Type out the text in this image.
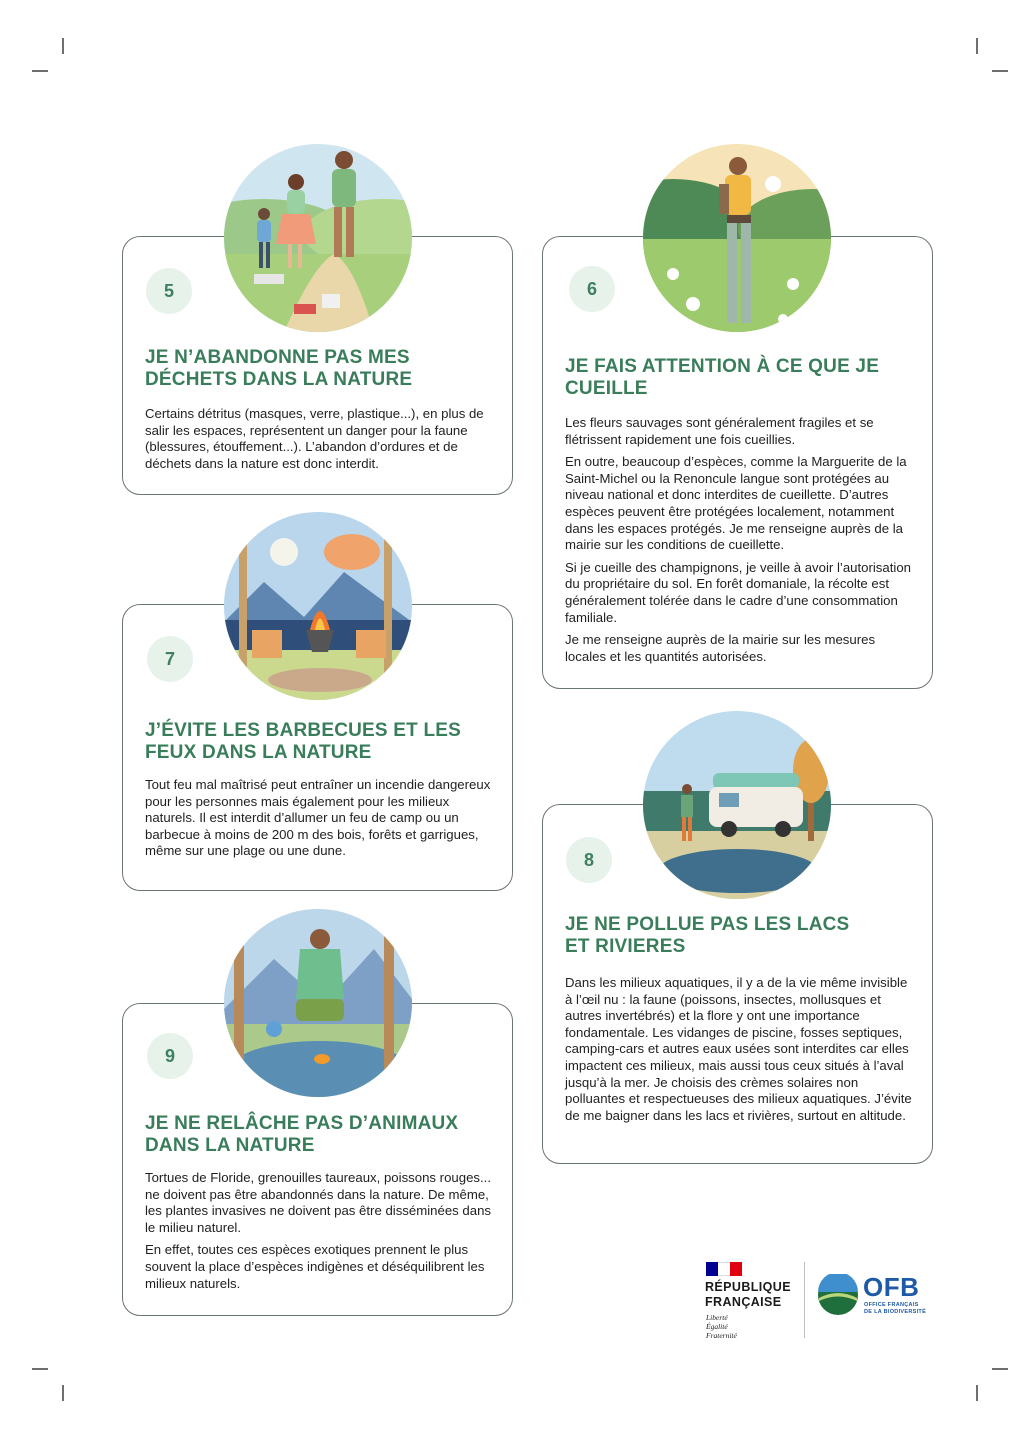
5
JE N’ABANDONNE PAS MES DÉCHETS DANS LA NATURE

Certains détritus (masques, verre, plastique...), en plus de salir les espaces, représentent un danger pour la faune (blessures, étouffement...). L’abandon d’ordures et de déchets dans la nature est donc interdit.

6
JE FAIS ATTENTION À CE QUE JE CUEILLE

Les fleurs sauvages sont généralement fragiles et se flétrissent rapidement une fois cueillies.

En outre, beaucoup d’espèces, comme la Marguerite de la Saint-Michel ou la Renoncule langue sont protégées au niveau national et donc interdites de cueillette. D’autres espèces peuvent être protégées localement, notamment dans les espaces protégés. Je me renseigne auprès de la mairie sur les conditions de cueillette.

Si je cueille des champignons, je veille à avoir l’autorisation du propriétaire du sol. En forêt domaniale, la récolte est généralement tolérée dans le cadre d’une consommation familiale.

Je me renseigne auprès de la mairie sur les mesures locales et les quantités autorisées.

7
J’ÉVITE LES BARBECUES ET LES FEUX DANS LA NATURE

Tout feu mal maîtrisé peut entraîner un incendie dangereux pour les personnes mais également pour les milieux naturels. Il est interdit d’allumer un feu de camp ou un barbecue à moins de 200 m des bois, forêts et garrigues, même sur une plage ou une dune.	8
JE NE POLLUE PAS LES LACS ET RIVIERES

Dans les milieux aquatiques, il y a de la vie même invisible à l’œil nu : la faune (poissons, insectes, mollusques et autres invertébrés) et la flore y ont une importance fondamentale. Les vidanges de piscine, fosses septiques, camping-cars et autres eaux usées sont interdites car elles impactent ces milieux, mais aussi tous ceux situés à l’aval jusqu’à la mer. Je choisis des crèmes solaires non polluantes et respectueuses des milieux aquatiques. J’évite de me baigner dans les lacs et rivières, surtout en altitude.

9
JE NE RELÂCHE PAS D’ANIMAUX DANS LA NATURE

Tortues de Floride, grenouilles taureaux, poissons rouges... ne doivent pas être abandonnés dans la nature. De même, les plantes invasives ne doivent pas être disséminées dans le milieu naturel.

En effet, toutes ces espèces exotiques prennent le plus souvent la place d’espèces indigènes et déséquilibrent les milieux naturels.	RÉPUBLIQUE
FRANÇAISE
Liberté
Égalité
Fraternité
OFB
OFFICE FRANÇAIS
DE LA BIODIVERSITÉ
